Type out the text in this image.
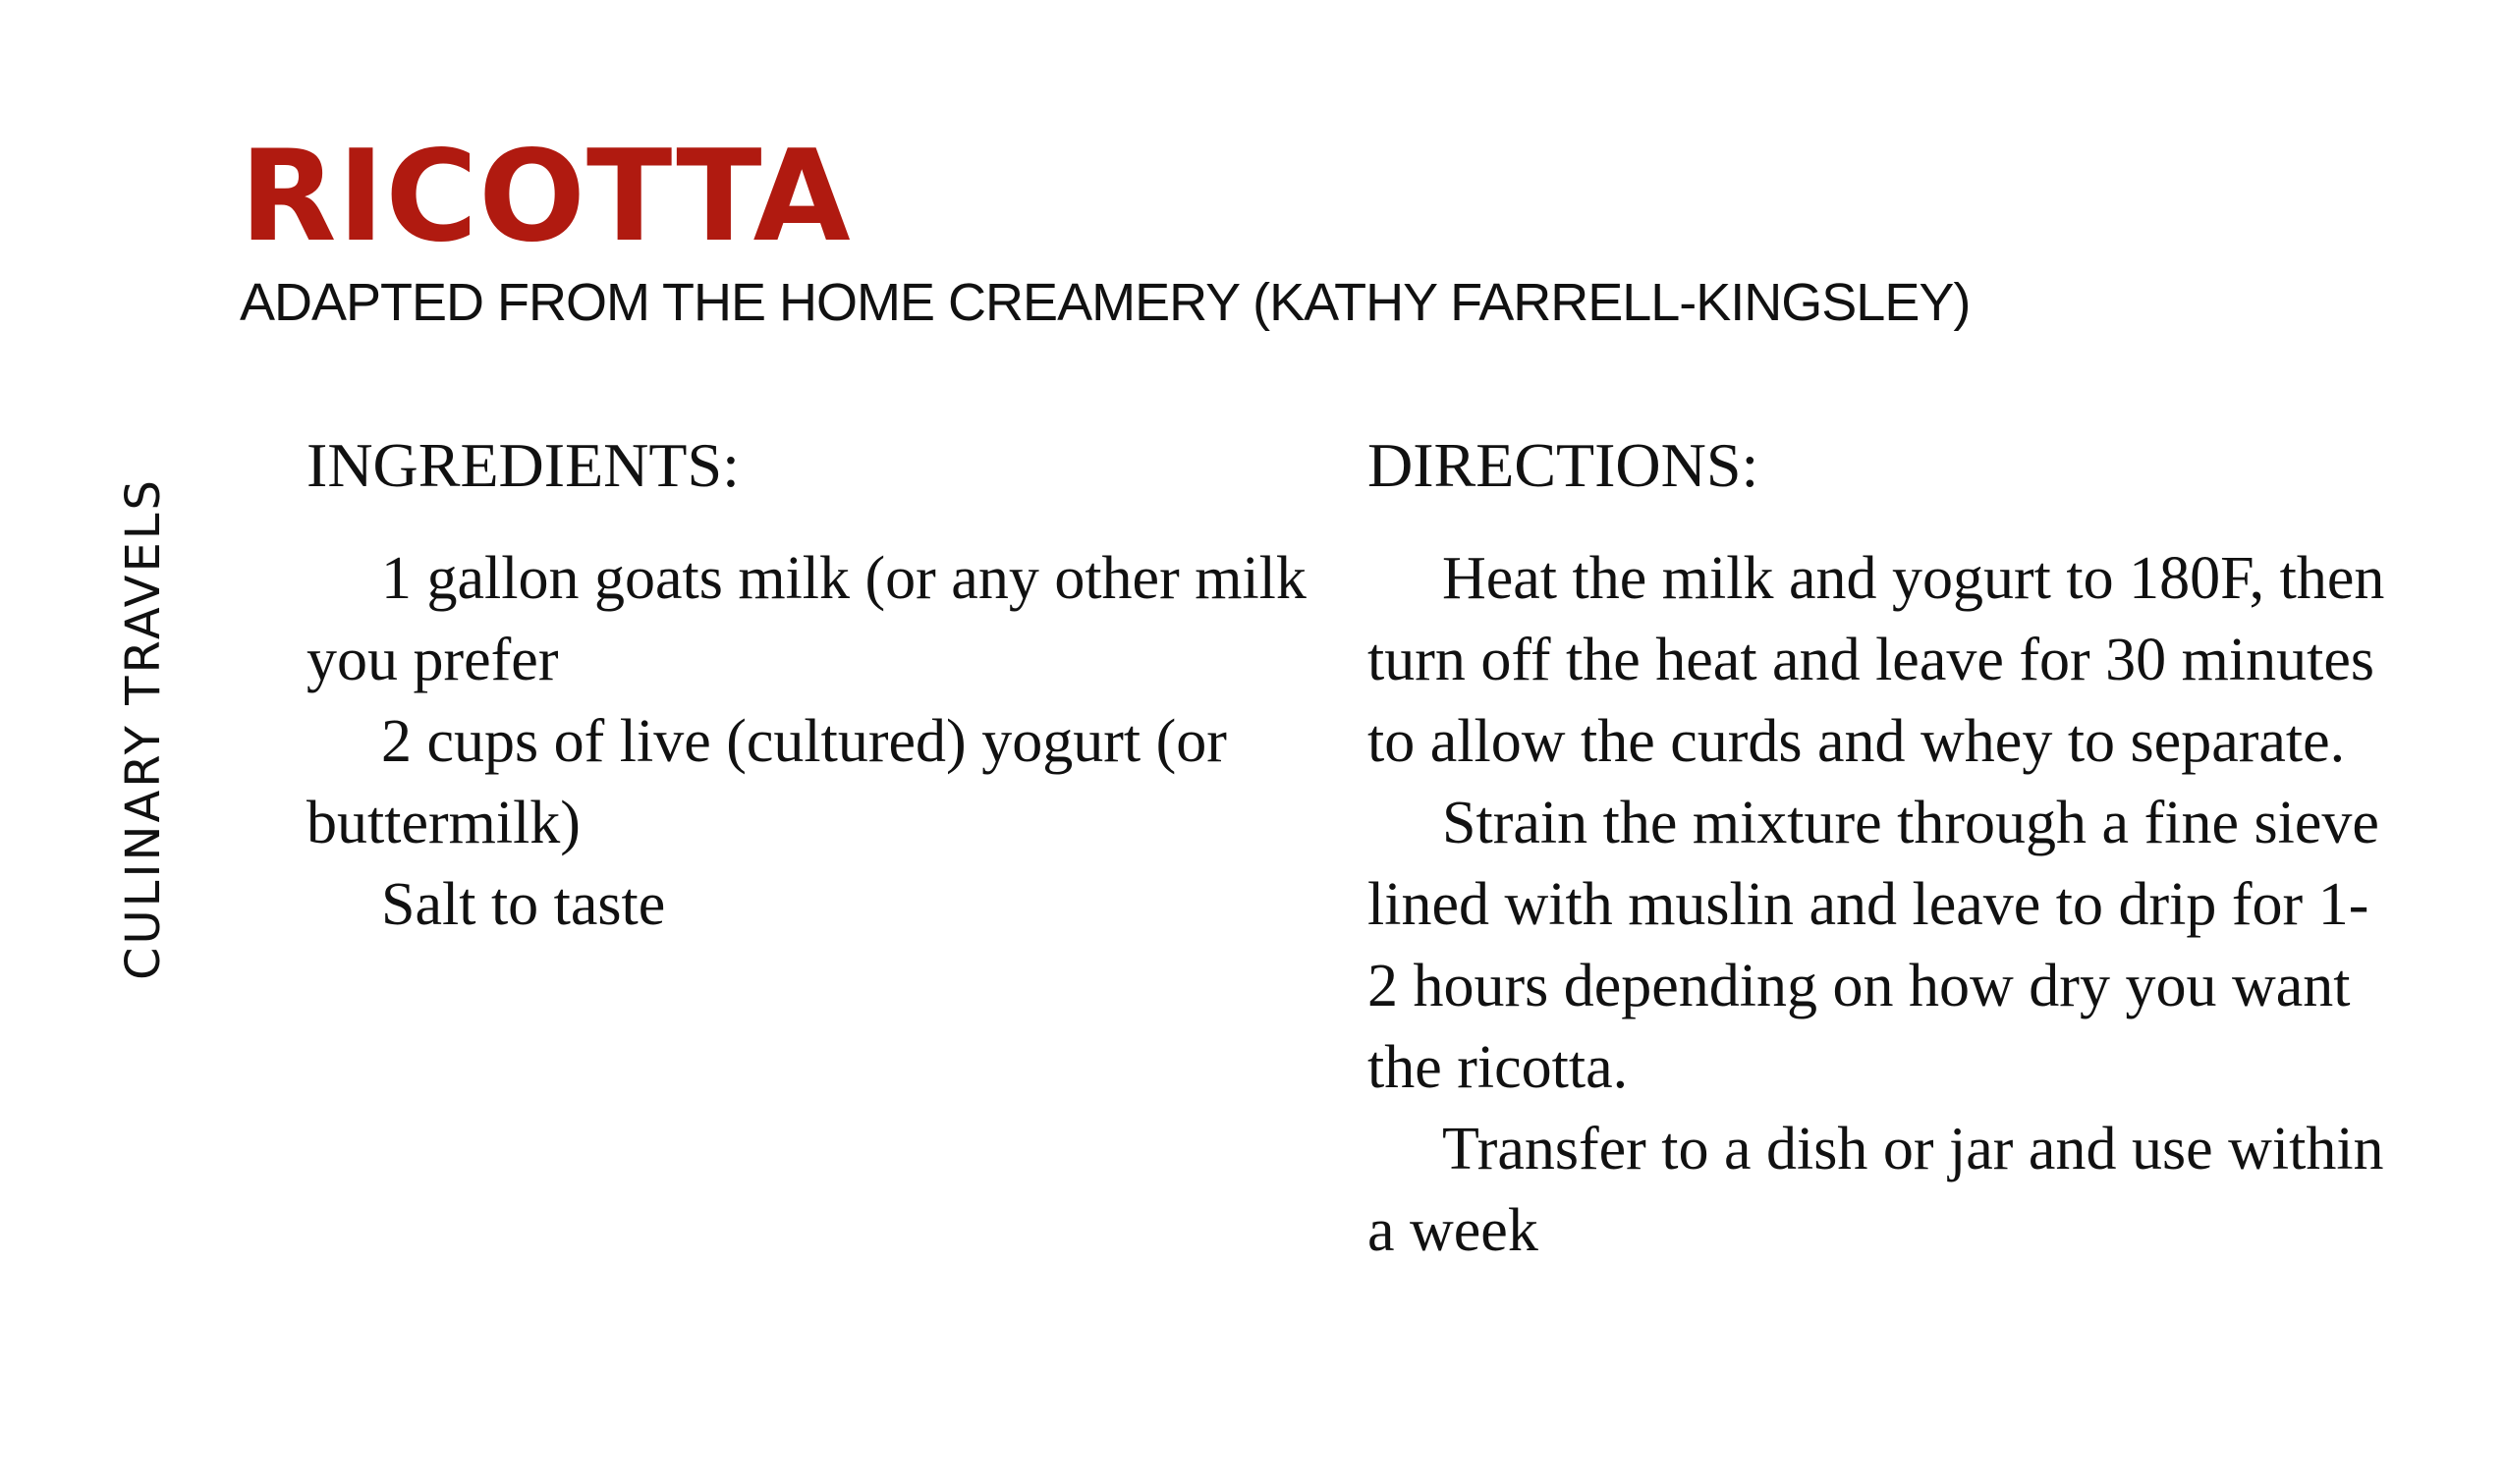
CULINARY TRAVELS
RICOTTA
ADAPTED FROM THE HOME CREAMERY (KATHY FARRELL-KINGSLEY)
INGREDIENTS:

1 gallon goats milk (or any other milk you prefer

2 cups of live (cultured) yogurt (or buttermilk)

Salt to taste

DIRECTIONS:

Heat the milk and yogurt to 180F, then turn off the heat and leave for 30 minutes to allow the curds and whey to separate.

Strain the mixture through a fine sieve lined with muslin and leave to drip for 1-2 hours depending on how dry you want the ricotta.

Transfer to a dish or jar and use within a week
